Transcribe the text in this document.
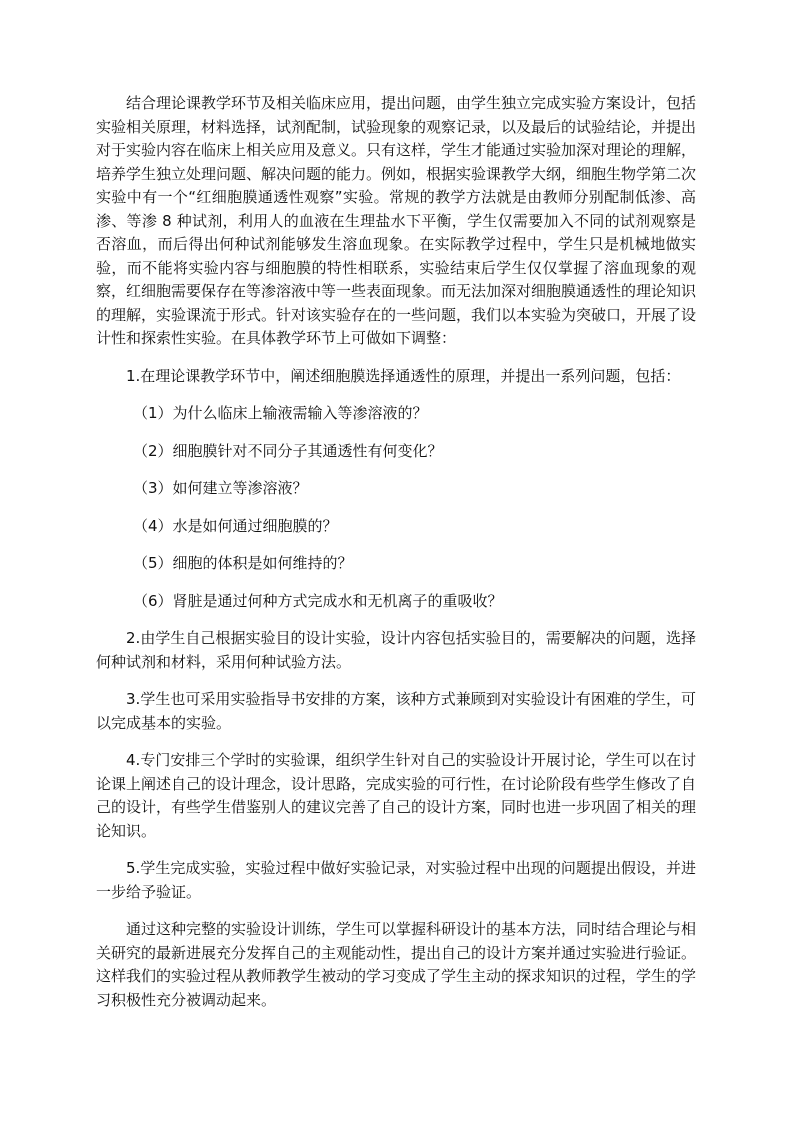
结合理论课教学环节及相关临床应用，提出问题，由学生独立完成实验方案设计，包括实验相关原理，材料选择，试剂配制，试验现象的观察记录，以及最后的试验结论，并提出对于实验内容在临床上相关应用及意义。只有这样，学生才能通过实验加深对理论的理解，培养学生独立处理问题、解决问题的能力。例如，根据实验课教学大纲，细胞生物学第二次实验中有一个“红细胞膜通透性观察”实验。常规的教学方法就是由教师分别配制低渗、高渗、等渗 8 种试剂，利用人的血液在生理盐水下平衡，学生仅需要加入不同的试剂观察是否溶血，而后得出何种试剂能够发生溶血现象。在实际教学过程中，学生只是机械地做实验，而不能将实验内容与细胞膜的特性相联系，实验结束后学生仅仅掌握了溶血现象的观察，红细胞需要保存在等渗溶液中等一些表面现象。而无法加深对细胞膜通透性的理论知识的理解，实验课流于形式。针对该实验存在的一些问题，我们以本实验为突破口，开展了设计性和探索性实验。在具体教学环节上可做如下调整：

1.在理论课教学环节中，阐述细胞膜选择通透性的原理，并提出一系列问题，包括：

（1）为什么临床上输液需输入等渗溶液的？

（2）细胞膜针对不同分子其通透性有何变化？

（3）如何建立等渗溶液？

（4）水是如何通过细胞膜的？

（5）细胞的体积是如何维持的？

（6）肾脏是通过何种方式完成水和无机离子的重吸收？

2.由学生自己根据实验目的设计实验，设计内容包括实验目的，需要解决的问题，选择何种试剂和材料，采用何种试验方法。

3.学生也可采用实验指导书安排的方案，该种方式兼顾到对实验设计有困难的学生，可以完成基本的实验。

4.专门安排三个学时的实验课，组织学生针对自己的实验设计开展讨论，学生可以在讨论课上阐述自己的设计理念，设计思路，完成实验的可行性，在讨论阶段有些学生修改了自己的设计，有些学生借鉴别人的建议完善了自己的设计方案，同时也进一步巩固了相关的理论知识。

5.学生完成实验，实验过程中做好实验记录，对实验过程中出现的问题提出假设，并进一步给予验证。

通过这种完整的实验设计训练，学生可以掌握科研设计的基本方法，同时结合理论与相关研究的最新进展充分发挥自己的主观能动性，提出自己的设计方案并通过实验进行验证。这样我们的实验过程从教师教学生被动的学习变成了学生主动的探求知识的过程，学生的学习积极性充分被调动起来。
